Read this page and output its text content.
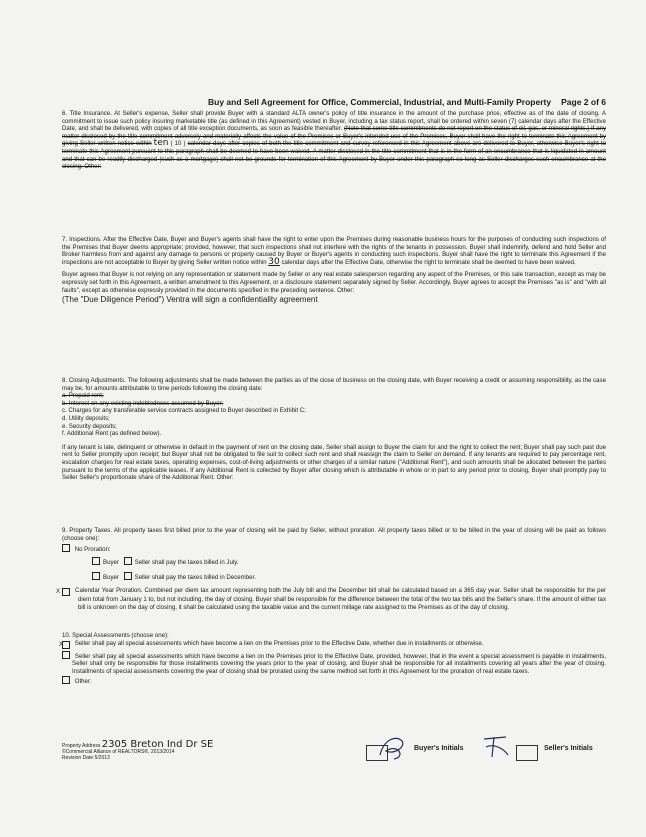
Buy and Sell Agreement for Office, Commercial, Industrial, and Multi-Family Property Page 2 of 6

6. Title Insurance. At Seller's expense, Seller shall provide Buyer with a standard ALTA owner's policy of title insurance in the amount of the purchase price, effective as of the date of closing. A commitment to issue such policy insuring marketable title (as defined in this Agreement) vested in Buyer, including a tax status report, shall be ordered within seven (7) calendar days after the Effective Date, and shall be delivered, with copies of all title exception documents, as soon as feasible thereafter. (Note that some title commitments do not report on the status of oil, gas, or mineral rights.) If any matter disclosed by the title commitment adversely and materially affects the value of the Premises or Buyer's intended use of the Premises, Buyer shall have the right to terminate this Agreement by giving Seller written notice within ten ( 10 ) calendar days after copies of both the title commitment and survey referenced in this Agreement above are delivered to Buyer, otherwise Buyer's right to terminate this Agreement pursuant to this paragraph shall be deemed to have been waived. A matter disclosed in the title commitment that is in the form of an encumbrance that is liquidated in amount and that can be readily discharged (such as a mortgage) shall not be grounds for termination of this Agreement by Buyer under this paragraph so long as Seller discharges such encumbrance at the closing. Other:

7. Inspections. After the Effective Date, Buyer and Buyer's agents shall have the right to enter upon the Premises during reasonable business hours for the purposes of conducting such inspections of the Premises that Buyer deems appropriate; provided, however, that such inspections shall not interfere with the rights of the tenants in possession. Buyer shall indemnify, defend and hold Seller and Broker harmless from and against any damage to persons or property caused by Buyer or Buyer's agents in conducting such inspections. Buyer shall have the right to terminate this Agreement if the inspections are not acceptable to Buyer by giving Seller written notice within 30 calendar days after the Effective Date, otherwise the right to terminate shall be deemed to have been waived.

Buyer agrees that Buyer is not relying on any representation or statement made by Seller or any real estate salesperson regarding any aspect of the Premises, or this sale transaction, except as may be expressly set forth in this Agreement, a written amendment to this Agreement, or a disclosure statement separately signed by Seller. Accordingly, Buyer agrees to accept the Premises "as is" and "with all faults", except as otherwise expressly provided in the documents specified in the preceding sentence. Other:

(The "Due Diligence Period") Ventra will sign a confidentiality agreement

8. Closing Adjustments. The following adjustments shall be made between the parties as of the close of business on the closing date, with Buyer receiving a credit or assuming responsibility, as the case may be, for amounts attributable to time periods following the closing date:

a. Prepaid rent;

b. Interest on any existing indebtedness assumed by Buyer;

c. Charges for any transferable service contracts assigned to Buyer described in Exhibit C;

d. Utility deposits;

e. Security deposits;

f. Additional Rent (as defined below).

If any tenant is late, delinquent or otherwise in default in the payment of rent on the closing date, Seller shall assign to Buyer the claim for and the right to collect the rent; Buyer shall pay such past due rent to Seller promptly upon receipt; but Buyer shall not be obligated to file suit to collect such rent and shall reassign the claim to Seller on demand. If any tenants are required to pay percentage rent, escalation charges for real estate taxes, operating expenses, cost-of-living adjustments or other charges of a similar nature ("Additional Rent"), and such amounts shall be allocated between the parties pursuant to the terms of the applicable leases. If any Additional Rent is collected by Buyer after closing which is attributable in whole or in part to any period prior to closing, Buyer shall promptly pay to Seller Seller's proportionate share of the Additional Rent. Other:

9. Property Taxes. All property taxes first billed prior to the year of closing will be paid by Seller, without proration. All property taxes billed or to be billed in the year of closing will be paid as follows (choose one):

No Proration:

Buyer	Seller shall pay the taxes billed in July.

Buyer	Seller shall pay the taxes billed in December.

X Calendar Year Proration. Combined per diem tax amount representing both the July bill and the December bill shall be calculated based on a 365 day year. Seller shall be responsible for the per diem total from January 1 to, but not including, the day of closing. Buyer shall be responsible for the difference between the total of the two tax bills and the Seller's share. If the amount of either tax bill is unknown on the day of closing, it shall be calculated using the taxable value and the current millage rate assigned to the Premises as of the day of closing.

10. Special Assessments (choose one):

X Seller shall pay all special assessments which have become a lien on the Premises prior to the Effective Date, whether due in installments or otherwise.

Seller shall pay all special assessments which have become a lien on the Premises prior to the Effective Date, provided, however, that in the event a special assessment is payable in installments, Seller shall only be responsible for those installments covering the years prior to the year of closing, and Buyer shall be responsible for all installments covering all years after the year of closing. Installments of special assessments covering the year of closing shall be prorated using the same method set forth in this Agreement for the proration of real estate taxes.

Other:

Property Address 2305 Breton Ind Dr SE
©Commercial Alliance of REALTORS®, 2013/2014
Revision Date 5/2013
Buyer's Initials	Seller's Initials
